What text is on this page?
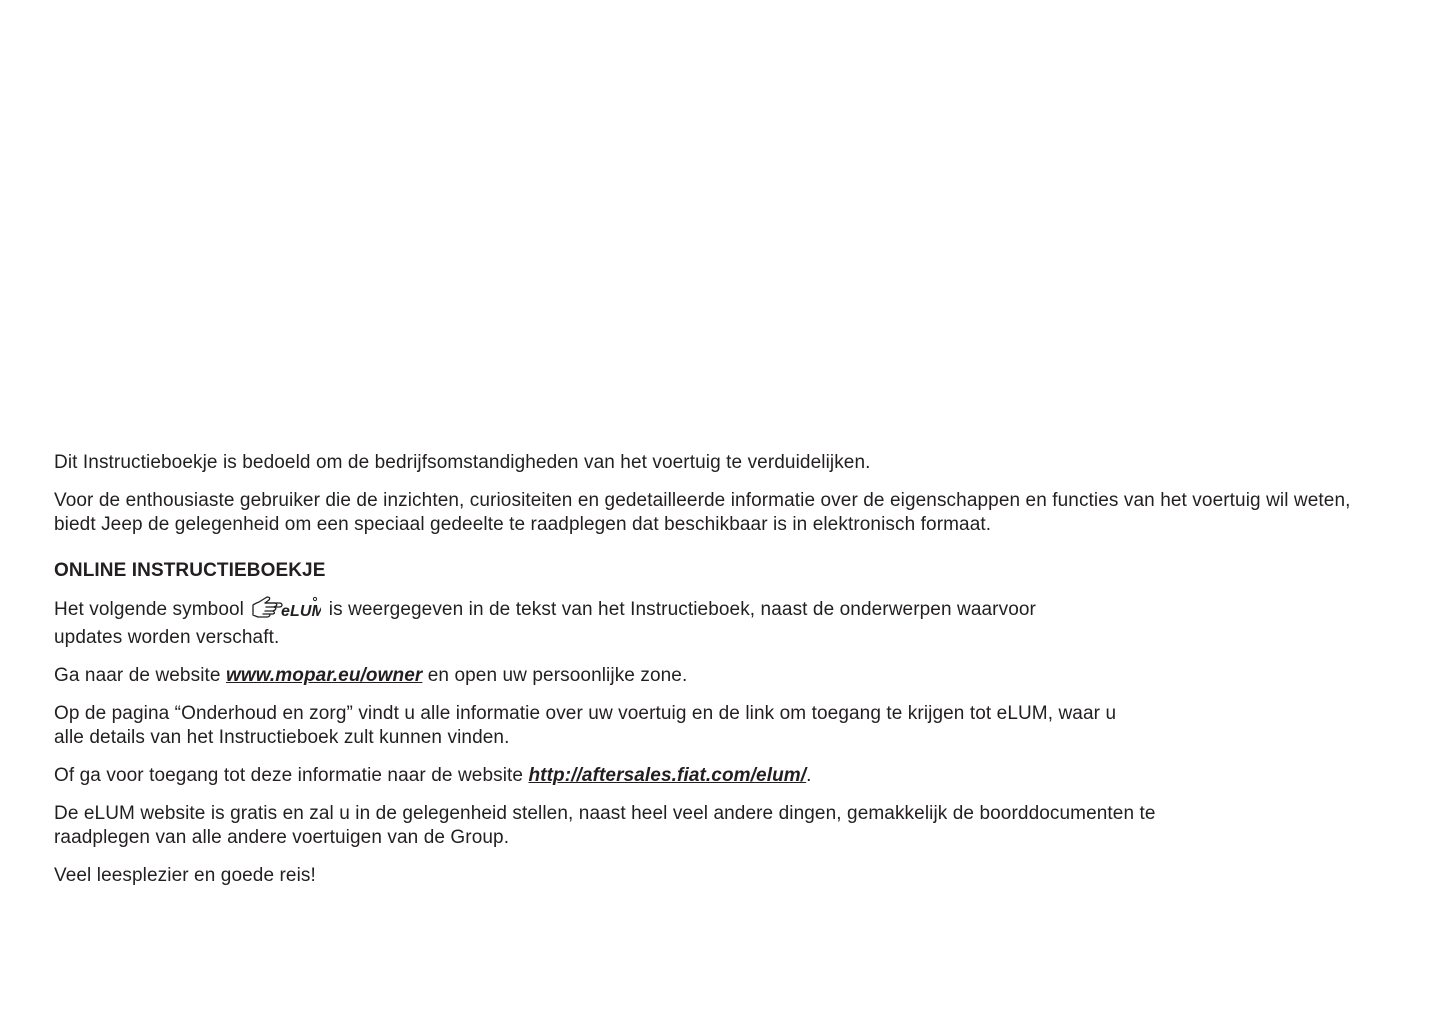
Dit Instructieboekje is bedoeld om de bedrijfsomstandigheden van het voertuig te verduidelijken.

Voor de enthousiaste gebruiker die de inzichten, curiositeiten en gedetailleerde informatie over de eigenschappen en functies van het voertuig wil weten, biedt Jeep de gelegenheid om een speciaal gedeelte te raadplegen dat beschikbaar is in elektronisch formaat.

ONLINE INSTRUCTIEBOEKJE

Het volgende symbool eLUM
is weergegeven in de tekst van het Instructieboek, naast de onderwerpen waarvoor
updates worden verschaft.

Ga naar de website www.mopar.eu/owner en open uw persoonlijke zone.

Op de pagina “Onderhoud en zorg” vindt u alle informatie over uw voertuig en de link om toegang te krijgen tot eLUM, waar u
alle details van het Instructieboek zult kunnen vinden.

Of ga voor toegang tot deze informatie naar de website http://aftersales.fiat.com/elum/.

De eLUM website is gratis en zal u in de gelegenheid stellen, naast heel veel andere dingen, gemakkelijk de boorddocumenten te
raadplegen van alle andere voertuigen van de Group.

Veel leesplezier en goede reis!
